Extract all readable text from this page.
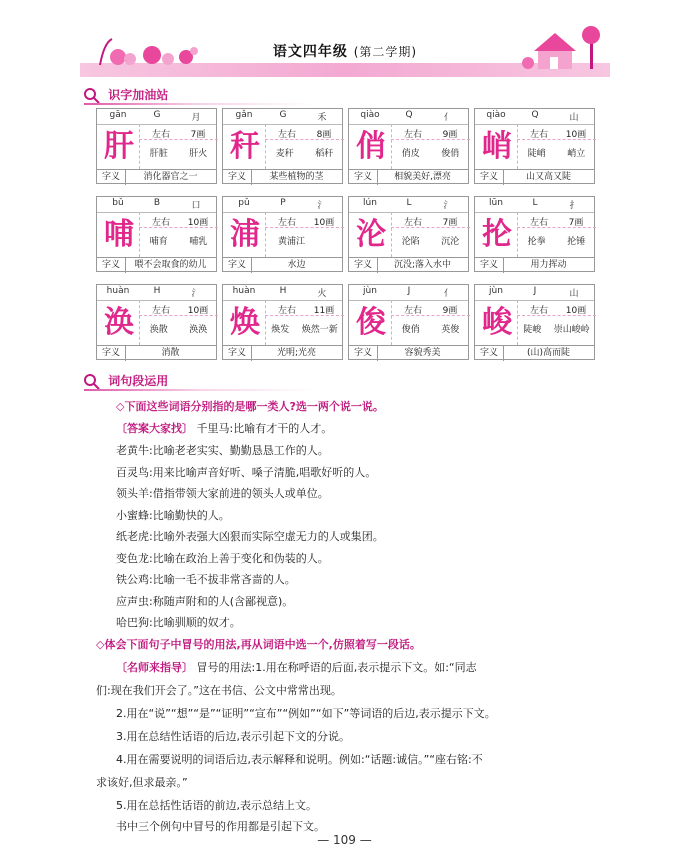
语文四年级 (第二学期)
识字加油站
gān	G	月
肝	左右	7画
肝脏 肝火
字义	消化器官之一
gǎn	G	禾
秆	左右	8画
麦秆 稻秆
字义	某些植物的茎
qiào	Q	亻
俏	左右	9画
俏皮 俊俏
字义	相貌美好,漂亮
qiào	Q	山
峭	左右	10画
陡峭 峭立
字义	山又高又陡
bǔ	B	口
哺	左右	10画
哺育 哺乳
字义	喂不会取食的幼儿
pǔ	P	氵
浦	左右	10画
黄浦江
字义	水边
lún	L	氵
沦	左右	7画
沦陷 沉沦
字义	沉没;落入水中
lūn	L	扌
抡	左右	7画
抡拳 抡锤
字义	用力挥动
huàn	H	氵
涣	左右	10画
涣散 涣涣
字义	消散
huàn	H	火
焕	左右	11画
焕发 焕然一新
字义	光明;光亮
jùn	J	亻
俊	左右	9画
俊俏 英俊
字义	容貌秀美
jùn	J	山
峻	左右	10画
陡峻 崇山峻岭
字义	(山)高而陡
词句段运用
◇下面这些词语分别指的是哪一类人?选一两个说一说。
〔答案大家找〕 千里马:比喻有才干的人才。
老黄牛:比喻老老实实、勤勤恳恳工作的人。
百灵鸟:用来比喻声音好听、嗓子清脆,唱歌好听的人。
领头羊:借指带领大家前进的领头人或单位。
小蜜蜂:比喻勤快的人。
纸老虎:比喻外表强大凶狠而实际空虚无力的人或集团。
变色龙:比喻在政治上善于变化和伪装的人。
铁公鸡:比喻一毛不拔非常吝啬的人。
应声虫:称随声附和的人(含鄙视意)。
哈巴狗:比喻驯顺的奴才。
◇体会下面句子中冒号的用法,再从词语中选一个,仿照着写一段话。
〔名师来指导〕 冒号的用法:1.用在称呼语的后面,表示提示下文。如:“同志
们:现在我们开会了。”这在书信、公文中常常出现。
2.用在“说”“想”“是”“证明”“宣布”“例如”“如下”等词语的后边,表示提示下文。
3.用在总结性话语的后边,表示引起下文的分说。
4.用在需要说明的词语后边,表示解释和说明。例如:“话题:诚信。”“座右铭:不
求该好,但求最亲。”
5.用在总括性话语的前边,表示总结上文。
书中三个例句中冒号的作用都是引起下文。
— 109 —
